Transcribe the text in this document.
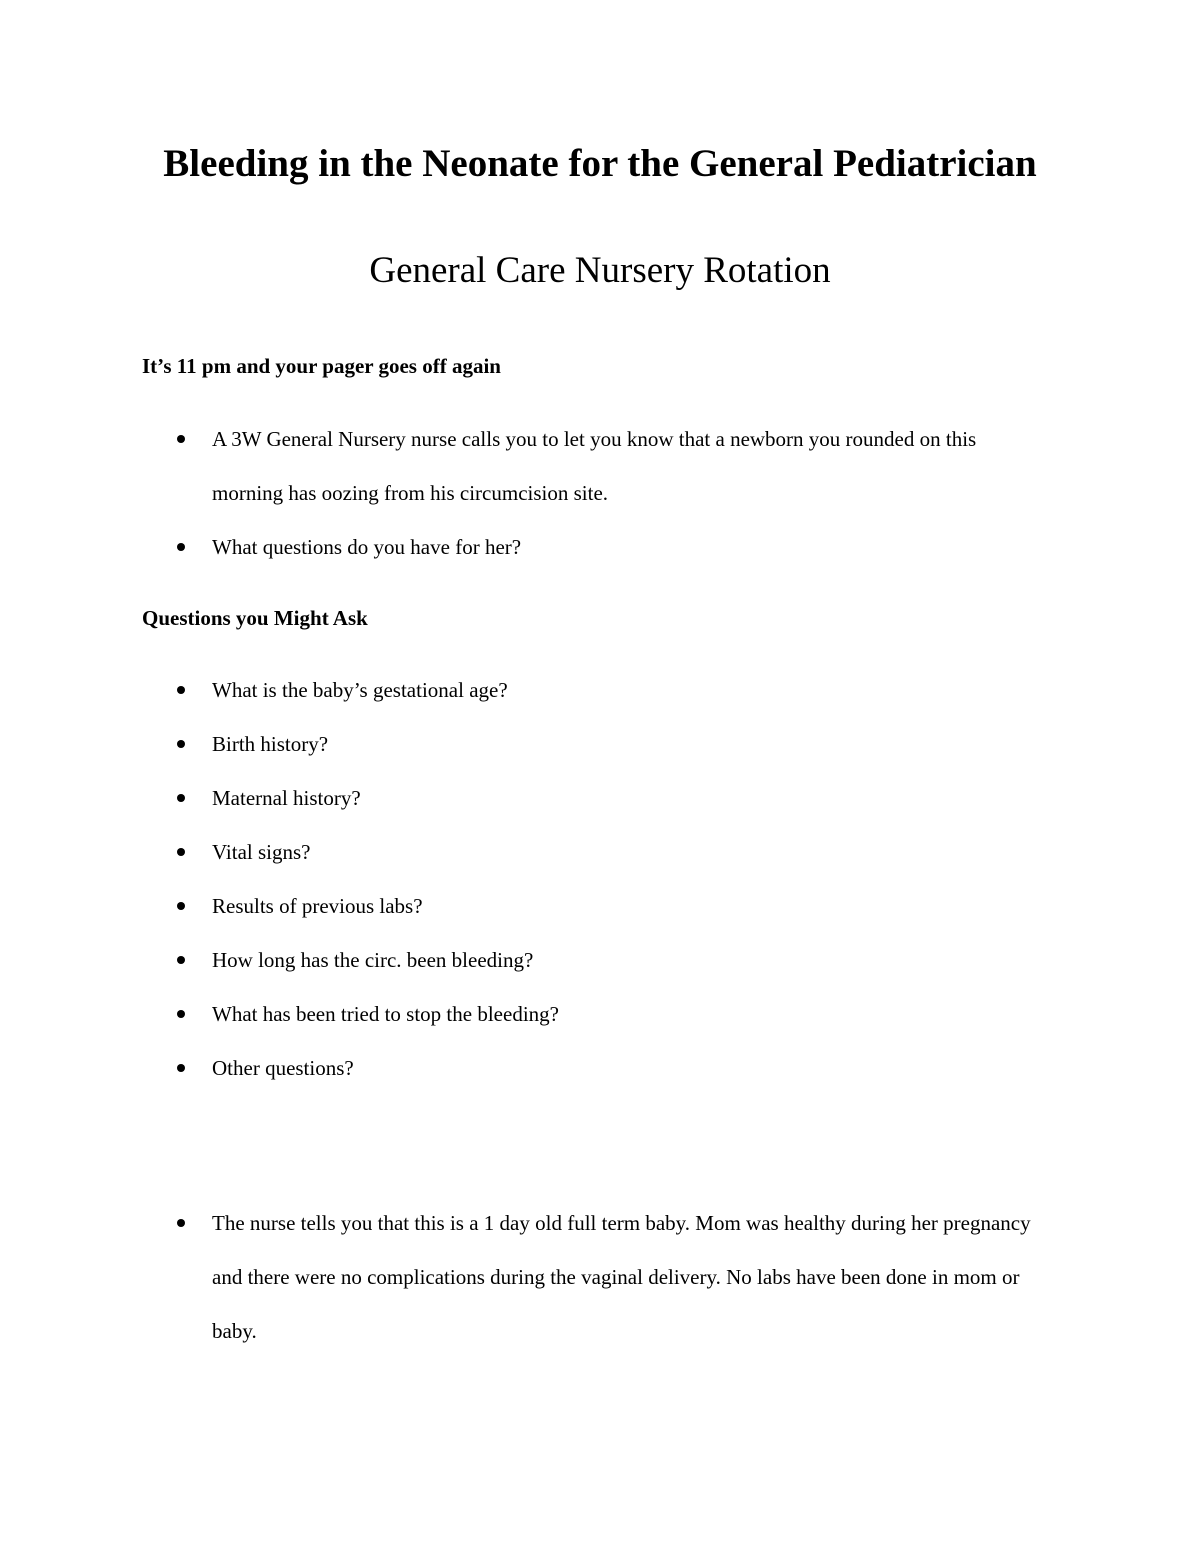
Bleeding in the Neonate for the General Pediatrician
General Care Nursery Rotation

It’s 11 pm and your pager goes off again

A 3W General Nursery nurse calls you to let you know that a newborn you rounded on this morning has oozing from his circumcision site.
What questions do you have for her?

Questions you Might Ask

What is the baby’s gestational age?
Birth history?
Maternal history?
Vital signs?
Results of previous labs?
How long has the circ. been bleeding?
What has been tried to stop the bleeding?
Other questions?
The nurse tells you that this is a 1 day old full term baby. Mom was healthy during her pregnancy and there were no complications during the vaginal delivery. No labs have been done in mom or baby.
